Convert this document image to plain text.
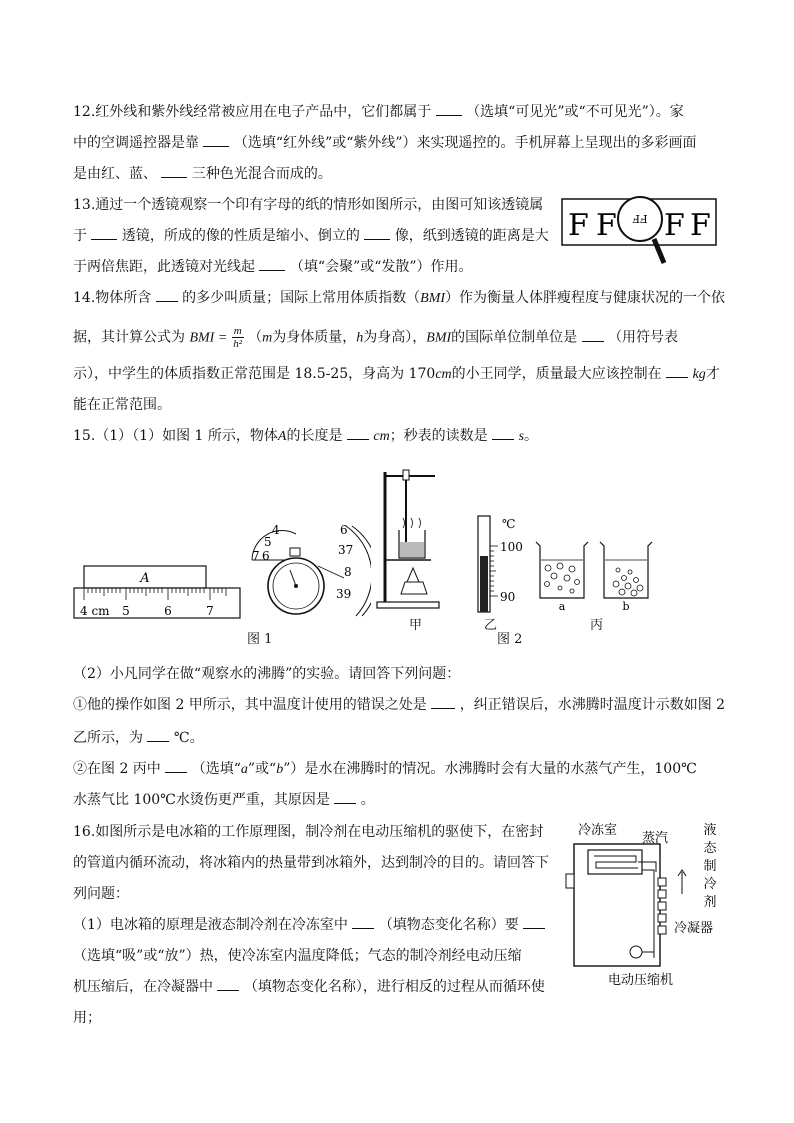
12.红外线和紫外线经常被应用在电子产品中，它们都属于 （选填“可见光”或“不可见光”）。家
中的空调遥控器是靠 （选填“红外线”或“紫外线”）来实现遥控的。手机屏幕上呈现出的多彩画面
是由红、蓝、 三种色光混合而成的。
13.通过一个透镜观察一个印有字母的纸的情形如图所示，由图可知该透镜属
于 透镜，所成的像的性质是缩小、倒立的 像，纸到透镜的距离是大
于两倍焦距，此透镜对光线起 （填“会聚”或“发散”）作用。
F F F F
FF
14.物体所含 的多少叫质量；国际上常用体质指数（BMI）作为衡量人体胖瘦程度与健康状况的一个依
据，其计算公式为 BMI = $\frac{m}{\text{h²}} (m$为身体质量，h为身高），BMI的国际单位制单位是 （用符号表
示），中学生的体质指数正常范围是 18.5-25，身高为 170cm的小王同学，质量最大应该控制在 kg才
能在正常范围。
15.（1）（1）如图 1 所示，物体A的长度是 cm；秒表的读数是 s。
A
4 cm 5	6	7
4
5
7 6
6
37
8
39
图 1
甲
℃
100
90
乙
图 2
a	b
丙
（2）小凡同学在做“观察水的沸腾”的实验。请回答下列问题：
①他的操作如图 2 甲所示，其中温度计使用的错误之处是 ，纠正错误后，水沸腾时温度计示数如图 2
乙所示，为 ℃。
②在图 2 丙中 （选填“a”或“b”）是水在沸腾时的情况。水沸腾时会有大量的水蒸气产生，100℃
水蒸气比 100℃水烫伤更严重，其原因是 。
16.如图所示是电冰箱的工作原理图，制冷剂在电动压缩机的驱使下，在密封
的管道内循环流动，将冰箱内的热量带到冰箱外，达到制冷的目的。请回答下
列问题：
（1）电冰箱的原理是液态制冷剂在冷冻室中 （填物态变化名称）要
（选填“吸”或“放”）热，使冷冻室内温度降低；气态的制冷剂经电动压缩
机压缩后，在冷凝器中 （填物态变化名称），进行相反的过程从而循环使
用；
冷冻室
蒸汽
液
态
制
冷
剂
冷凝器
电动压缩机
